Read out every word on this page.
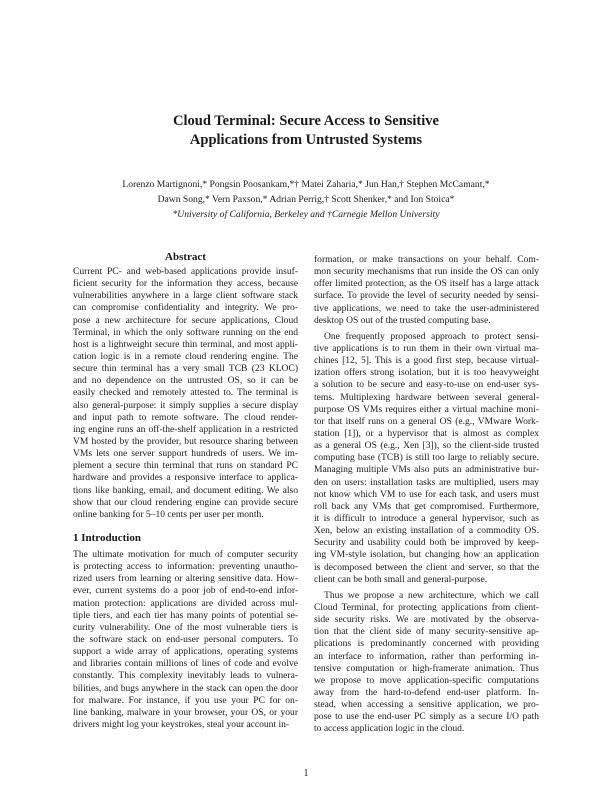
Cloud Terminal: Secure Access to Sensitive
Applications from Untrusted Systems
Lorenzo Martignoni,* Pongsin Poosankam,*† Matei Zaharia,* Jun Han,† Stephen McCamant,*
Dawn Song,* Vern Paxson,* Adrian Perrig,† Scott Shenker,* and Ion Stoica*
*University of California, Berkeley and †Carnegie Mellon University
Abstract
Current PC- and web-based applications provide insuf-
ficient security for the information they access, because
vulnerabilities anywhere in a large client software stack
can compromise confidentiality and integrity. We pro-
pose a new architecture for secure applications, Cloud
Terminal, in which the only software running on the end
host is a lightweight secure thin terminal, and most appli-
cation logic is in a remote cloud rendering engine. The
secure thin terminal has a very small TCB (23 KLOC)
and no dependence on the untrusted OS, so it can be
easily checked and remotely attested to. The terminal is
also general-purpose: it simply supplies a secure display
and input path to remote software. The cloud render-
ing engine runs an off-the-shelf application in a restricted
VM hosted by the provider, but resource sharing between
VMs lets one server support hundreds of users. We im-
plement a secure thin terminal that runs on standard PC
hardware and provides a responsive interface to applica-
tions like banking, email, and document editing. We also
show that our cloud rendering engine can provide secure
online banking for 5–10 cents per user per month.
1 Introduction
The ultimate motivation for much of computer security
is protecting access to information: preventing unautho-
rized users from learning or altering sensitive data. How-
ever, current systems do a poor job of end-to-end infor-
mation protection: applications are divided across mul-
tiple tiers, and each tier has many points of potential se-
curity vulnerability. One of the most vulnerable tiers is
the software stack on end-user personal computers. To
support a wide array of applications, operating systems
and libraries contain millions of lines of code and evolve
constantly. This complexity inevitably leads to vulnera-
bilities, and bugs anywhere in the stack can open the door
for malware. For instance, if you use your PC for on-
line banking, malware in your browser, your OS, or your
drivers might log your keystrokes, steal your account in-
formation, or make transactions on your behalf. Com-
mon security mechanisms that run inside the OS can only
offer limited protection, as the OS itself has a large attack
surface. To provide the level of security needed by sensi-
tive applications, we need to take the user-administered
desktop OS out of the trusted computing base.
One frequently proposed approach to protect sensi-
tive applications is to run them in their own virtual ma-
chines [12, 5]. This is a good first step, because virtual-
ization offers strong isolation, but it is too heavyweight
a solution to be secure and easy-to-use on end-user sys-
tems. Multiplexing hardware between several general-
purpose OS VMs requires either a virtual machine moni-
tor that itself runs on a general OS (e.g., VMware Work-
station [1]), or a hypervisor that is almost as complex
as a general OS (e.g., Xen [3]), so the client-side trusted
computing base (TCB) is still too large to reliably secure.
Managing multiple VMs also puts an administrative bur-
den on users: installation tasks are multiplied, users may
not know which VM to use for each task, and users must
roll back any VMs that get compromised. Furthermore,
it is difficult to introduce a general hypervisor, such as
Xen, below an existing installation of a commodity OS.
Security and usability could both be improved by keep-
ing VM-style isolation, but changing how an application
is decomposed between the client and server, so that the
client can be both small and general-purpose.
Thus we propose a new architecture, which we call
Cloud Terminal, for protecting applications from client-
side security risks. We are motivated by the observa-
tion that the client side of many security-sensitive ap-
plications is predominantly concerned with providing
an interface to information, rather than performing in-
tensive computation or high-framerate animation. Thus
we propose to move application-specific computations
away from the hard-to-defend end-user platform. In-
stead, when accessing a sensitive application, we pro-
pose to use the end-user PC simply as a secure I/O path
to access application logic in the cloud.
1
